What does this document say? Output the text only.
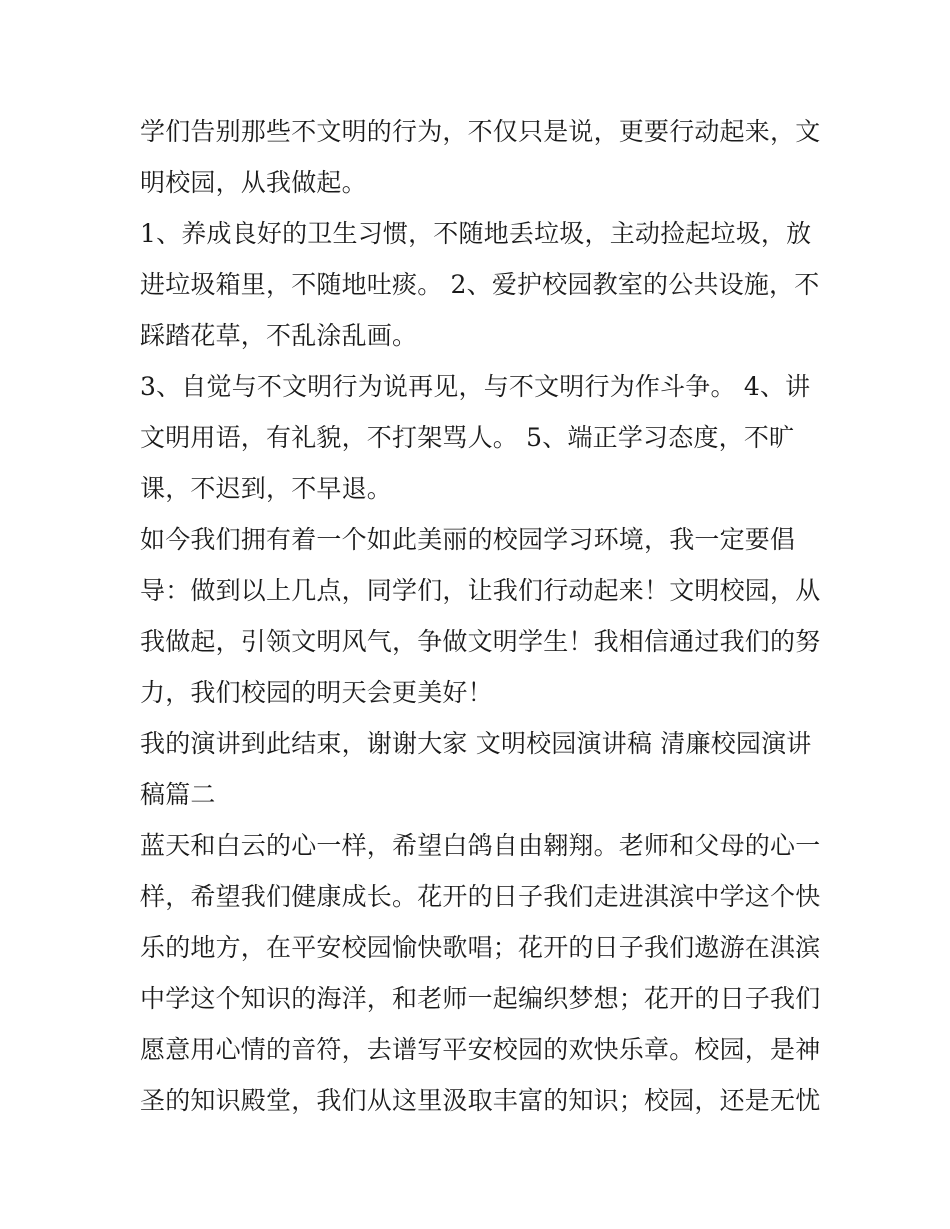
学们告别那些不文明的行为，不仅只是说，更要行动起来，文
明校园，从我做起。
1、养成良好的卫生习惯，不随地丢垃圾，主动捡起垃圾，放
进垃圾箱里，不随地吐痰。 2、爱护校园教室的公共设施，不
踩踏花草，不乱涂乱画。
3、自觉与不文明行为说再见，与不文明行为作斗争。 4、讲
文明用语，有礼貌，不打架骂人。 5、端正学习态度，不旷
课，不迟到，不早退。
如今我们拥有着一个如此美丽的校园学习环境，我一定要倡
导：做到以上几点，同学们，让我们行动起来！文明校园，从
我做起，引领文明风气，争做文明学生！我相信通过我们的努
力，我们校园的明天会更美好！
我的演讲到此结束，谢谢大家 文明校园演讲稿 清廉校园演讲
稿篇二
蓝天和白云的心一样，希望白鸽自由翱翔。老师和父母的心一
样，希望我们健康成长。花开的日子我们走进淇滨中学这个快
乐的地方，在平安校园愉快歌唱；花开的日子我们遨游在淇滨
中学这个知识的海洋，和老师一起编织梦想；花开的日子我们
愿意用心情的音符，去谱写平安校园的欢快乐章。校园，是神
圣的知识殿堂，我们从这里汲取丰富的知识；校园，还是无忧
